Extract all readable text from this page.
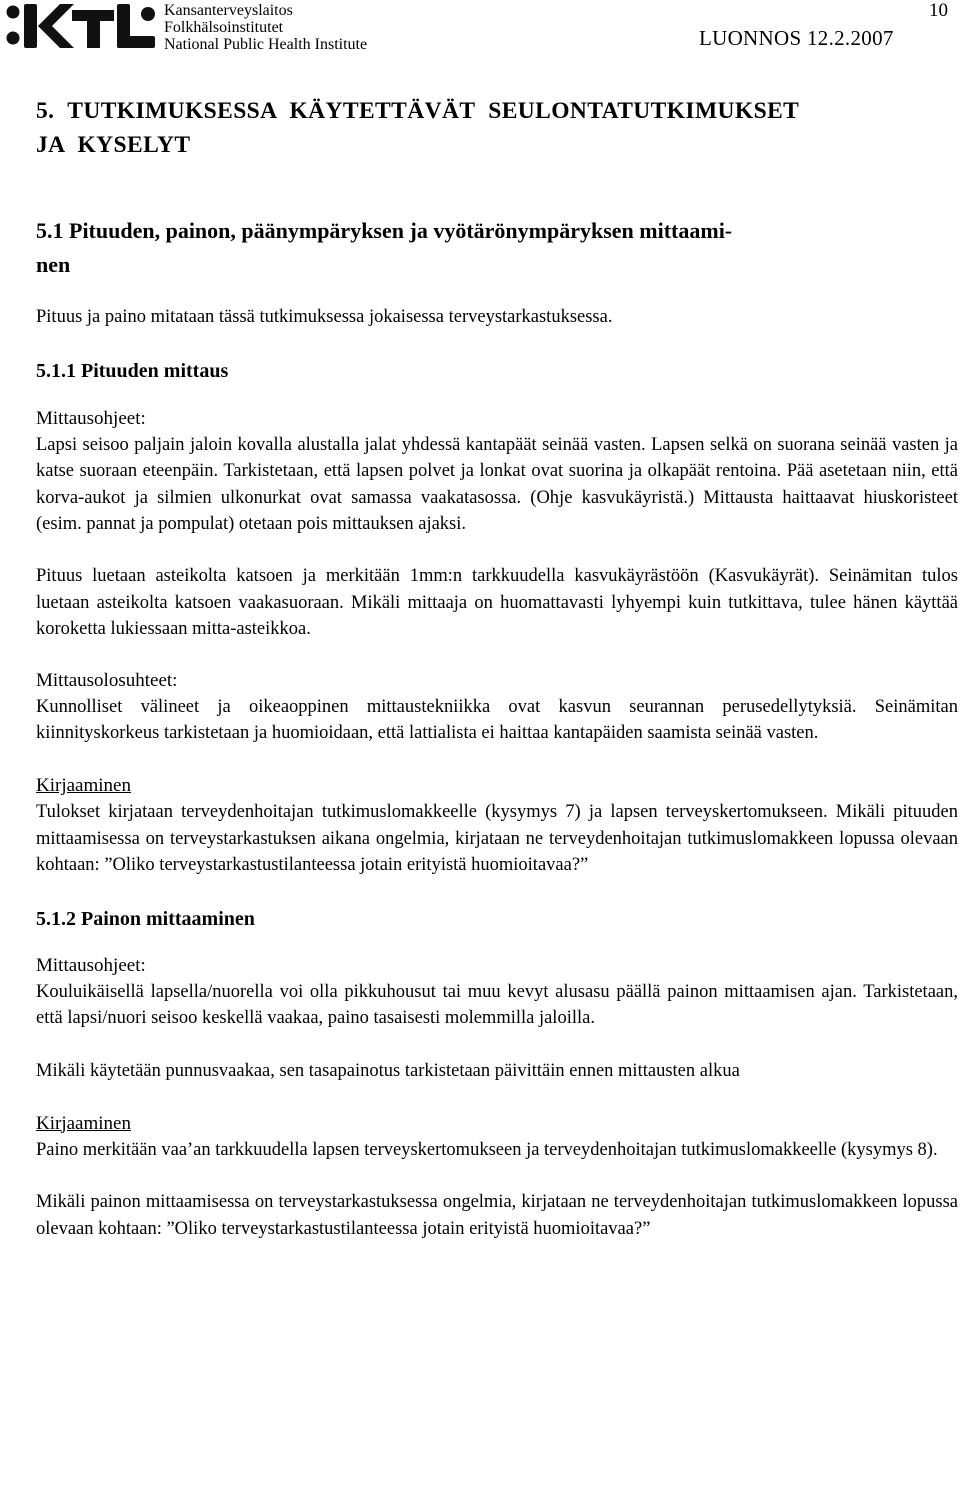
Kansanterveyslaitos
Folkhälsoinstitutet
National Public Health Institute	LUONNOS 12.2.2007
10
5. TUTKIMUKSESSA KÄYTETTÄVÄT SEULONTATUTKIMUKSET
JA KYSELYT
5.1 Pituuden, painon, päänympäryksen ja vyötärönympäryksen mittaami-
nen

Pituus ja paino mitataan tässä tutkimuksessa jokaisessa terveystarkastuksessa.

5.1.1 Pituuden mittaus
Mittausohjeet:

Lapsi seisoo paljain jaloin kovalla alustalla jalat yhdessä kantapäät seinää vasten. Lapsen selkä on suorana seinää vasten ja katse suoraan eteenpäin. Tarkistetaan, että lapsen polvet ja lonkat ovat suorina ja olkapäät rentoina. Pää asetetaan niin, että korva-aukot ja silmien ulkonurkat ovat samassa vaakatasossa. (Ohje kasvukäyristä.) Mittausta haittaavat hiuskoristeet (esim. pannat ja pompulat) otetaan pois mittauksen ajaksi.

Pituus luetaan asteikolta katsoen ja merkitään 1mm:n tarkkuudella kasvukäyrästöön (Kasvukäyrät). Seinämitan tulos luetaan asteikolta katsoen vaakasuoraan. Mikäli mittaaja on huomattavasti lyhyempi kuin tutkittava, tulee hänen käyttää koroketta lukiessaan mitta-asteikkoa.

Mittausolosuhteet:

Kunnolliset välineet ja oikeaoppinen mittaustekniikka ovat kasvun seurannan perusedellytyksiä. Seinämitan kiinnityskorkeus tarkistetaan ja huomioidaan, että lattialista ei haittaa kantapäiden saamista seinää vasten.

Kirjaaminen

Tulokset kirjataan terveydenhoitajan tutkimuslomakkeelle (kysymys 7) ja lapsen terveyskertomukseen. Mikäli pituuden mittaamisessa on terveystarkastuksen aikana ongelmia, kirjataan ne terveydenhoitajan tutkimuslomakkeen lopussa olevaan kohtaan: ”Oliko terveystarkastustilanteessa jotain erityistä huomioitavaa?”

5.1.2 Painon mittaaminen
Mittausohjeet:

Kouluikäisellä lapsella/nuorella voi olla pikkuhousut tai muu kevyt alusasu päällä painon mittaamisen ajan. Tarkistetaan, että lapsi/nuori seisoo keskellä vaakaa, paino tasaisesti molemmilla jaloilla.

Mikäli käytetään punnusvaakaa, sen tasapainotus tarkistetaan päivittäin ennen mittausten alkua

Kirjaaminen

Paino merkitään vaa’an tarkkuudella lapsen terveyskertomukseen ja terveydenhoitajan tutkimuslomakkeelle (kysymys 8).

Mikäli painon mittaamisessa on terveystarkastuksessa ongelmia, kirjataan ne terveydenhoitajan tutkimuslomakkeen lopussa olevaan kohtaan: ”Oliko terveystarkastustilanteessa jotain erityistä huomioitavaa?”
